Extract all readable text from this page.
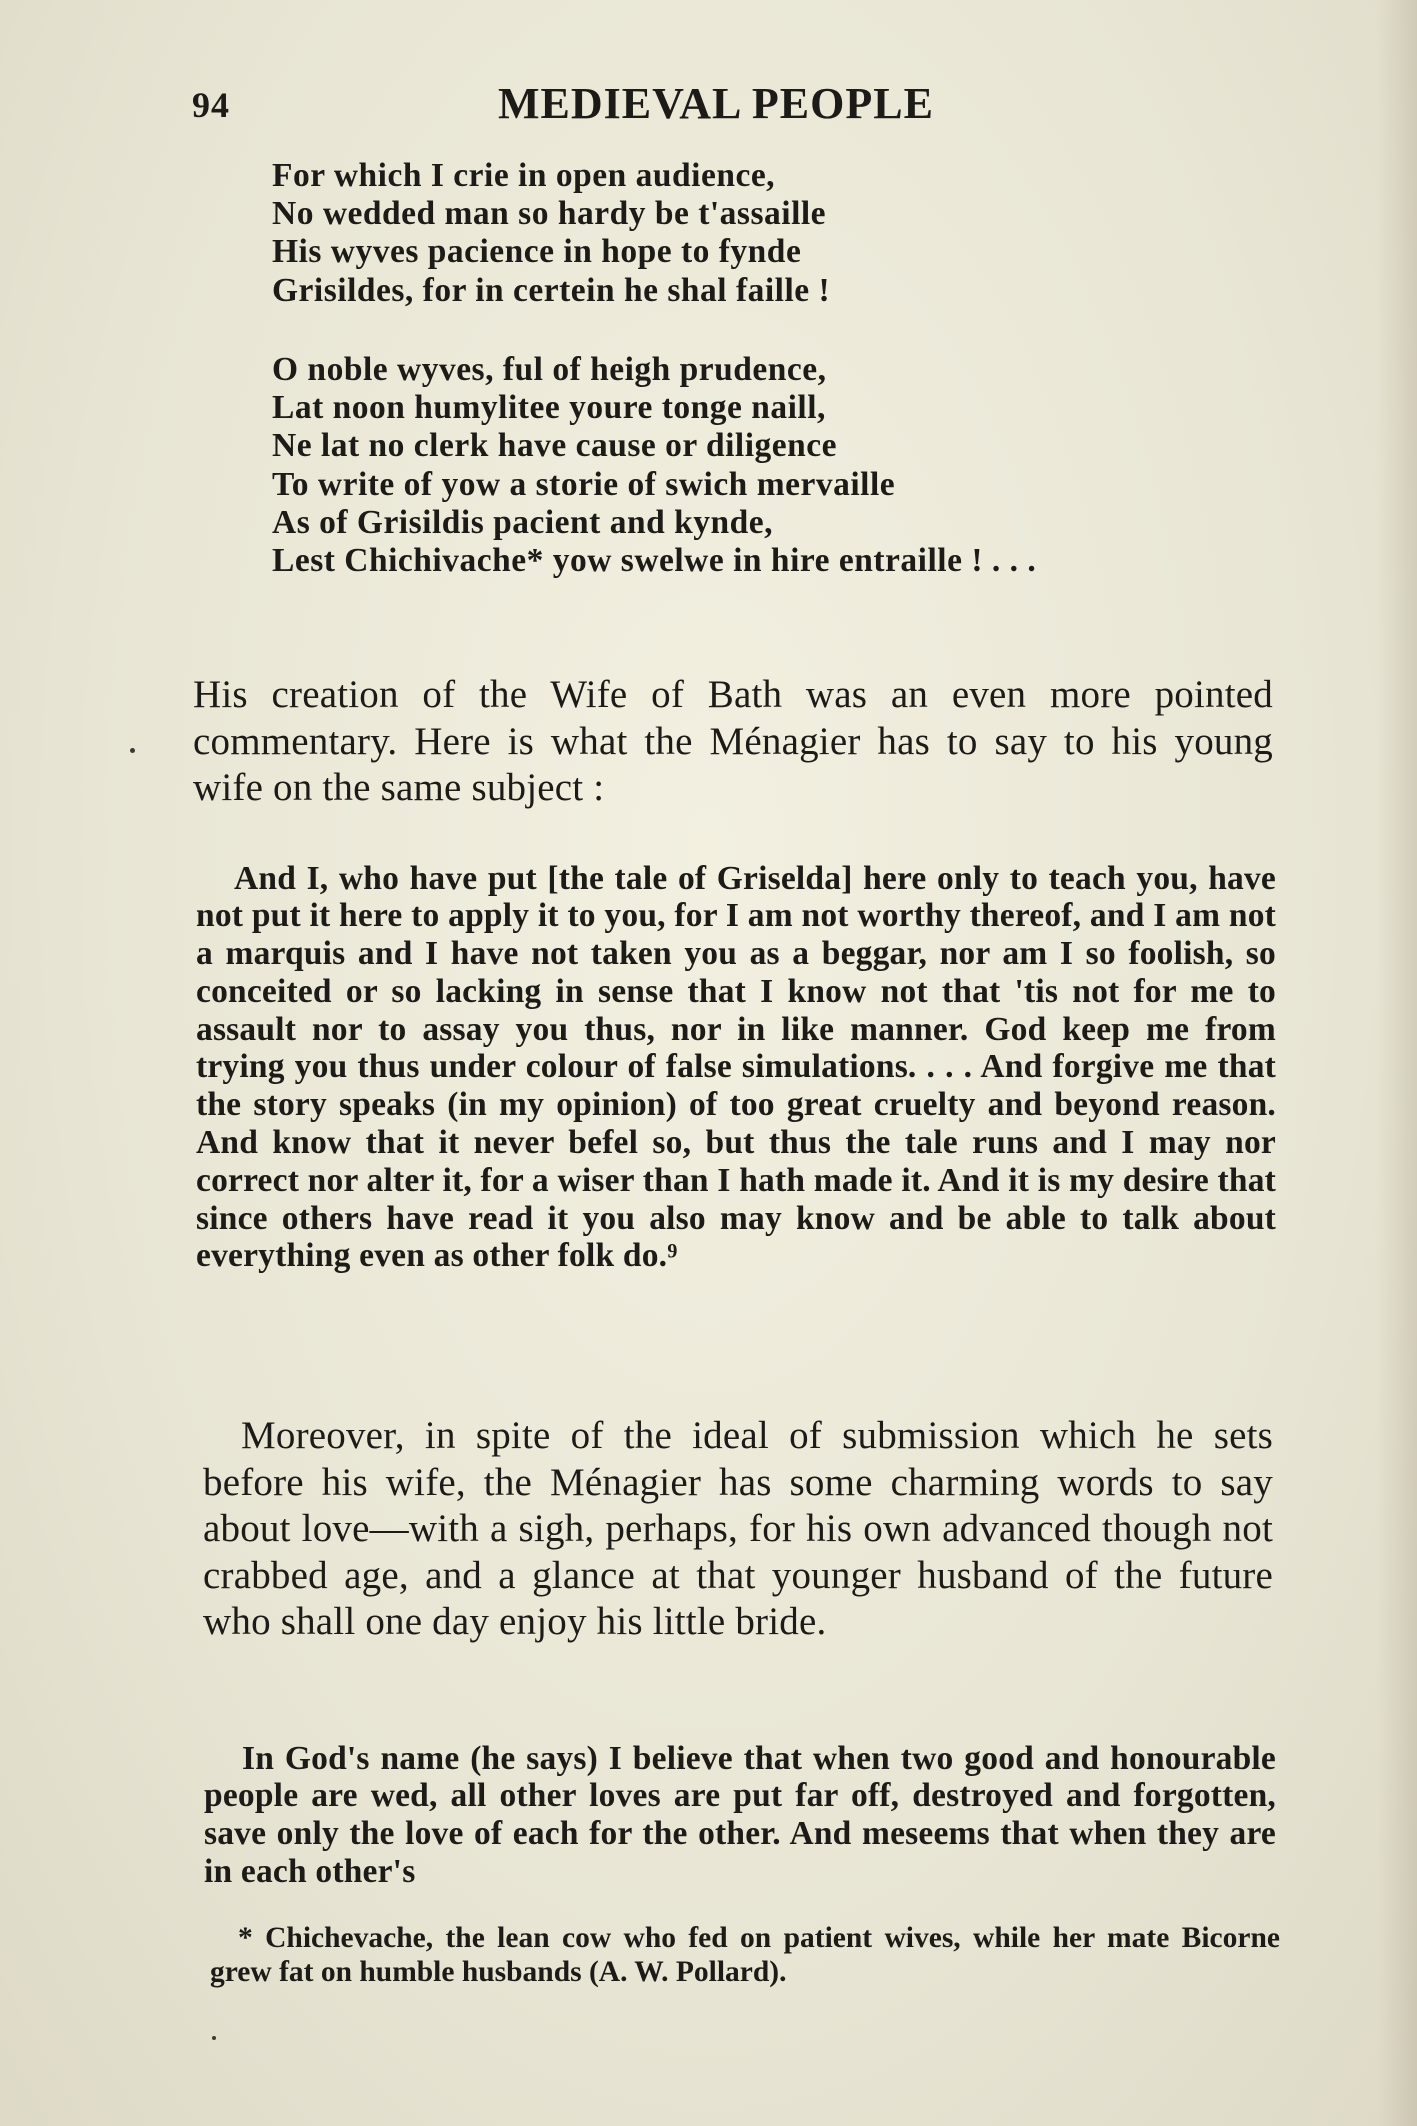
94	MEDIEVAL PEOPLE
For which I crie in open audience,
No wedded man so hardy be t'assaille
His wyves pacience in hope to fynde
Grisildes, for in certein he shal faille !
O noble wyves, ful of heigh prudence,
Lat noon humylitee youre tonge naill,
Ne lat no clerk have cause or diligence
To write of yow a storie of swich mervaille
As of Grisildis pacient and kynde,
Lest Chichivache* yow swelwe in hire entraille ! . . .

His creation of the Wife of Bath was an even more pointed commentary. Here is what the Ménagier has to say to his young wife on the same subject :

And I, who have put [the tale of Griselda] here only to teach you, have not put it here to apply it to you, for I am not worthy thereof, and I am not a marquis and I have not taken you as a beggar, nor am I so foolish, so conceited or so lacking in sense that I know not that 'tis not for me to assault nor to assay you thus, nor in like manner. God keep me from trying you thus under colour of false simulations. . . . And forgive me that the story speaks (in my opinion) of too great cruelty and beyond reason. And know that it never befel so, but thus the tale runs and I may nor correct nor alter it, for a wiser than I hath made it. And it is my desire that since others have read it you also may know and be able to talk about everything even as other folk do.⁹

Moreover, in spite of the ideal of submission which he sets before his wife, the Ménagier has some charming words to say about love—with a sigh, perhaps, for his own advanced though not crabbed age, and a glance at that younger husband of the future who shall one day enjoy his little bride.

In God's name (he says) I believe that when two good and honourable people are wed, all other loves are put far off, destroyed and forgotten, save only the love of each for the other. And meseems that when they are in each other's

* Chichevache, the lean cow who fed on patient wives, while her mate Bicorne grew fat on humble husbands (A. W. Pollard).
